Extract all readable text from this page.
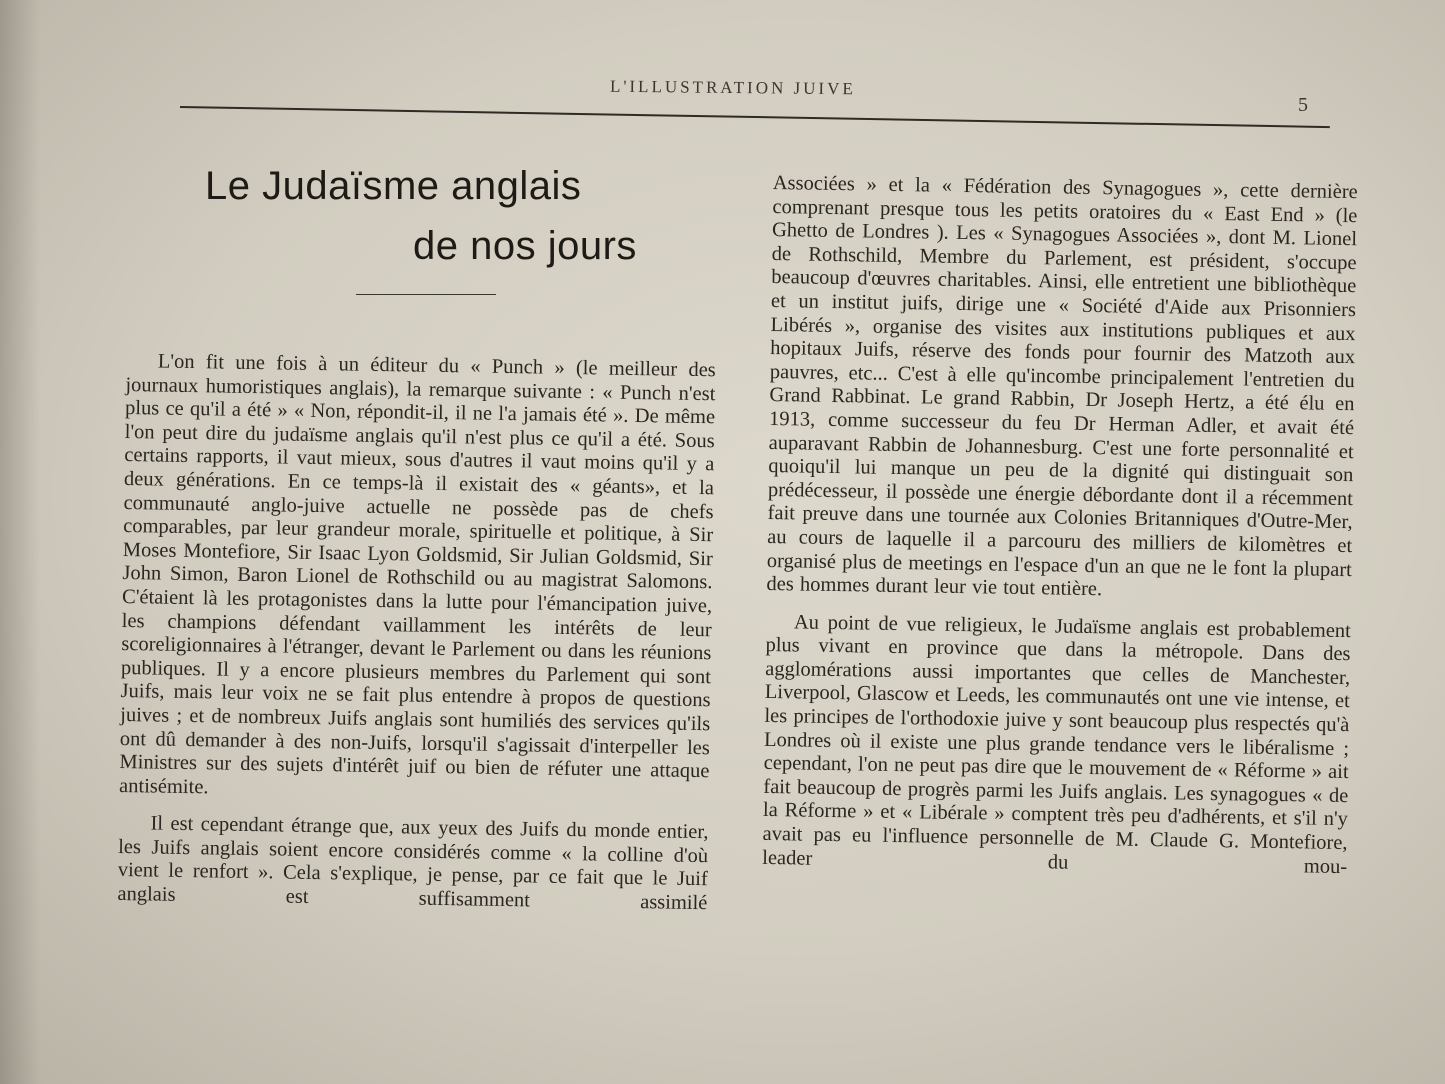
L'ILLUSTRATION JUIVE
5
Le Judaïsme anglais
de nos jours

L'on fit une fois à un éditeur du « Punch » (le meilleur des journaux humoristiques anglais), la remarque suivante : « Punch n'est plus ce qu'il a été » « Non, répondit-il, il ne l'a jamais été ». De même l'on peut dire du judaïsme anglais qu'il n'est plus ce qu'il a été. Sous certains rapports, il vaut mieux, sous d'autres il vaut moins qu'il y a deux générations. En ce temps-là il existait des « géants», et la communauté anglo-juive actuelle ne possède pas de chefs comparables, par leur grandeur morale, spirituelle et politique, à Sir Moses Montefiore, Sir Isaac Lyon Goldsmid, Sir Julian Goldsmid, Sir John Simon, Baron Lionel de Rothschild ou au magistrat Salomons. C'étaient là les protagonistes dans la lutte pour l'émancipation juive, les champions défendant vaillamment les intérêts de leur scoreligionnaires à l'étranger, devant le Parlement ou dans les réunions publiques. Il y a encore plusieurs membres du Parlement qui sont Juifs, mais leur voix ne se fait plus entendre à propos de questions juives ; et de nombreux Juifs anglais sont humiliés des services qu'ils ont dû demander à des non-Juifs, lorsqu'il s'agissait d'interpeller les Ministres sur des sujets d'intérêt juif ou bien de réfuter une attaque antisémite.

Il est cependant étrange que, aux yeux des Juifs du monde entier, les Juifs anglais soient encore considérés comme « la colline d'où vient le renfort ». Cela s'explique, je pense, par ce fait que le Juif anglais est suffisamment assimilé

Associées » et la « Fédération des Synagogues », cette dernière comprenant presque tous les petits oratoires du « East End » (le Ghetto de Londres ). Les « Synagogues Associées », dont M. Lionel de Rothschild, Membre du Parlement, est président, s'occupe beaucoup d'œuvres charitables. Ainsi, elle entretient une bibliothèque et un institut juifs, dirige une « Société d'Aide aux Prisonniers Libérés », organise des visites aux institutions publiques et aux hopitaux Juifs, réserve des fonds pour fournir des Matzoth aux pauvres, etc... C'est à elle qu'incombe principalement l'entretien du Grand Rabbinat. Le grand Rabbin, Dr Joseph Hertz, a été élu en 1913, comme successeur du feu Dr Herman Adler, et avait été auparavant Rabbin de Johannesburg. C'est une forte personnalité et quoiqu'il lui manque un peu de la dignité qui distinguait son prédécesseur, il possède une énergie débordante dont il a récemment fait preuve dans une tournée aux Colonies Britanniques d'Outre-Mer, au cours de laquelle il a parcouru des milliers de kilomètres et organisé plus de meetings en l'espace d'un an que ne le font la plupart des hommes durant leur vie tout entière.

Au point de vue religieux, le Judaïsme anglais est probablement plus vivant en province que dans la métropole. Dans des agglomérations aussi importantes que celles de Manchester, Liverpool, Glascow et Leeds, les communautés ont une vie intense, et les principes de l'orthodoxie juive y sont beaucoup plus respectés qu'à Londres où il existe une plus grande tendance vers le libéralisme ; cependant, l'on ne peut pas dire que le mouvement de « Réforme » ait fait beaucoup de progrès parmi les Juifs anglais. Les synagogues « de la Réforme » et « Libérale » comptent très peu d'adhérents, et s'il n'y avait pas eu l'influence personnelle de M. Claude G. Montefiore, leader du mou-
